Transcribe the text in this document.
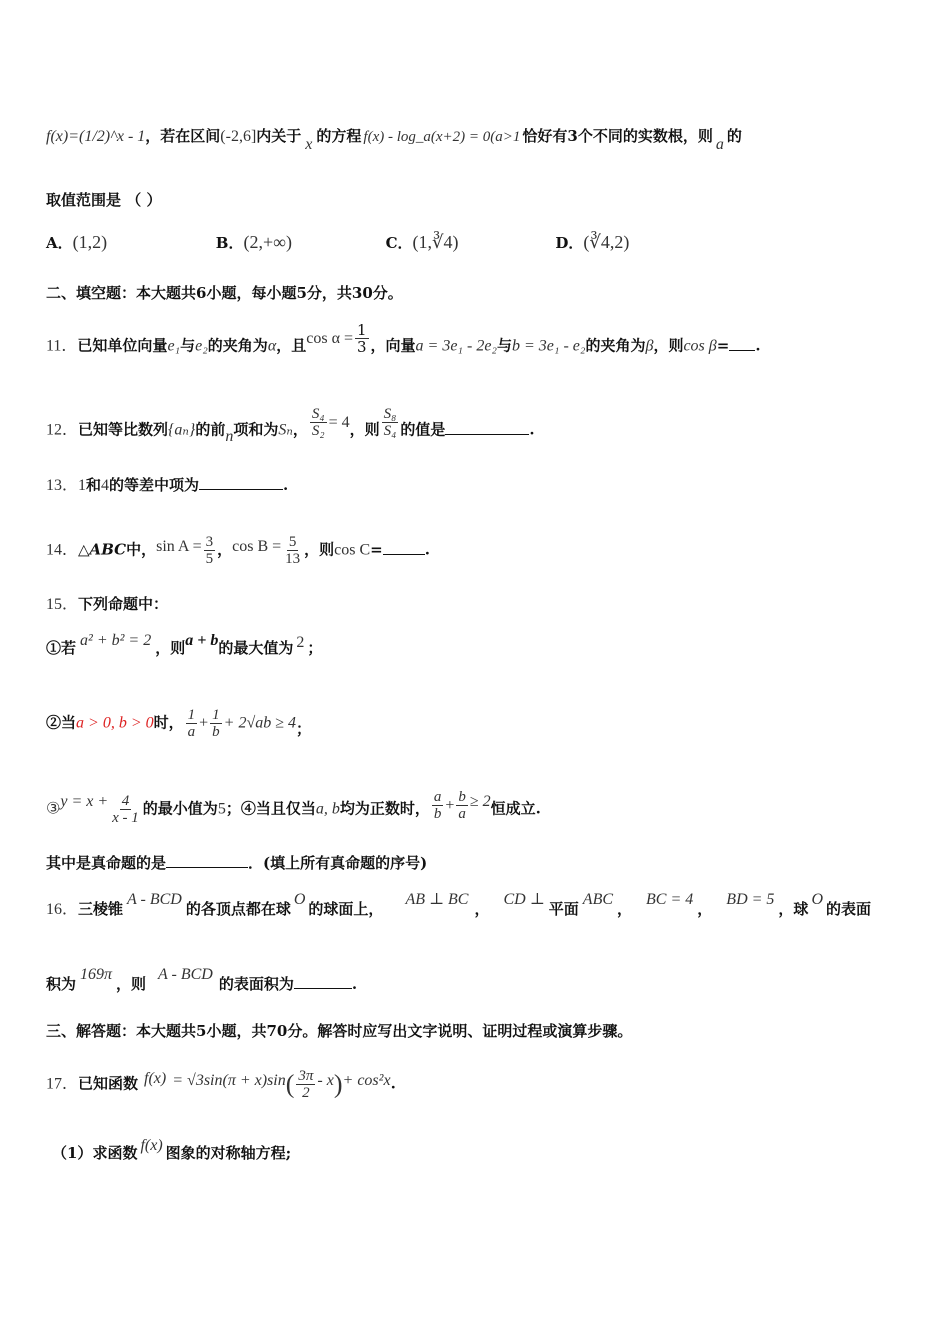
f(x)=(1/2)^x - 1，若在区间(-2,6]内关于 x 的方程 f(x) - log_a(x+2) = 0(a>1 恰好有3个不同的实数根，则 a 的
取值范围是 （ ）
A．(1,2)	B．(2,+∞)	C．(1,∛4)	D．(∛4,2)
二、填空题：本大题共6小题，每小题5分，共30分。
11．已知单位向量e₁与e₂的夹角为α，且$\cos \alpha = \frac{1}{3}$ ，向量a = 3e₁ - 2e₂与b = 3e₁ - e₂的夹角为β，则cos β= .
12．已知等比数列{aₙ}的前n项和为Sₙ， $\frac{\text{S₄}}{\text{S₂}} = 4$，则 $\frac{\text{S₈}}{\text{S₄}}$ 的值是	.
13．1和4的等差中项为	.
14．△ABC中，$\sin A = \frac{3}{5}$ ，$\cos B = \frac{5}{13}$ ，则cos C=	.
15．下列命题中：
①若 a² + b² = 2 ，则a + b的最大值为 2 ；
②当a > 0, b > 0时， $\frac{1}{a} + \frac{1}{b} + 2√ab \ge 4$；
③y = $x + \frac{4}{x - 1}$ 的最小值为5；④当且仅当a, b均为正数时， $\frac{a}{b} + \frac{b}{a} \ge 2$恒成立.
其中是真命题的是	．(填上所有真命题的序号)
16．三棱锥A - BCD的各顶点都在球O的球面上，AB ⊥ BC，CD ⊥平面ABC，BC = 4，BD = 5，球O的表面
积为169π，则A - BCD的表面积为	.
三、解答题：本大题共5小题，共70分。解答时应写出文字说明、证明过程或演算步骤。
17．已知函数 $f(x) = √3\sin(\pi + x)\sin( \frac{3\pi}{2} - x)+ \cos^2x$.
（1）求函数 f(x) 图象的对称轴方程;
